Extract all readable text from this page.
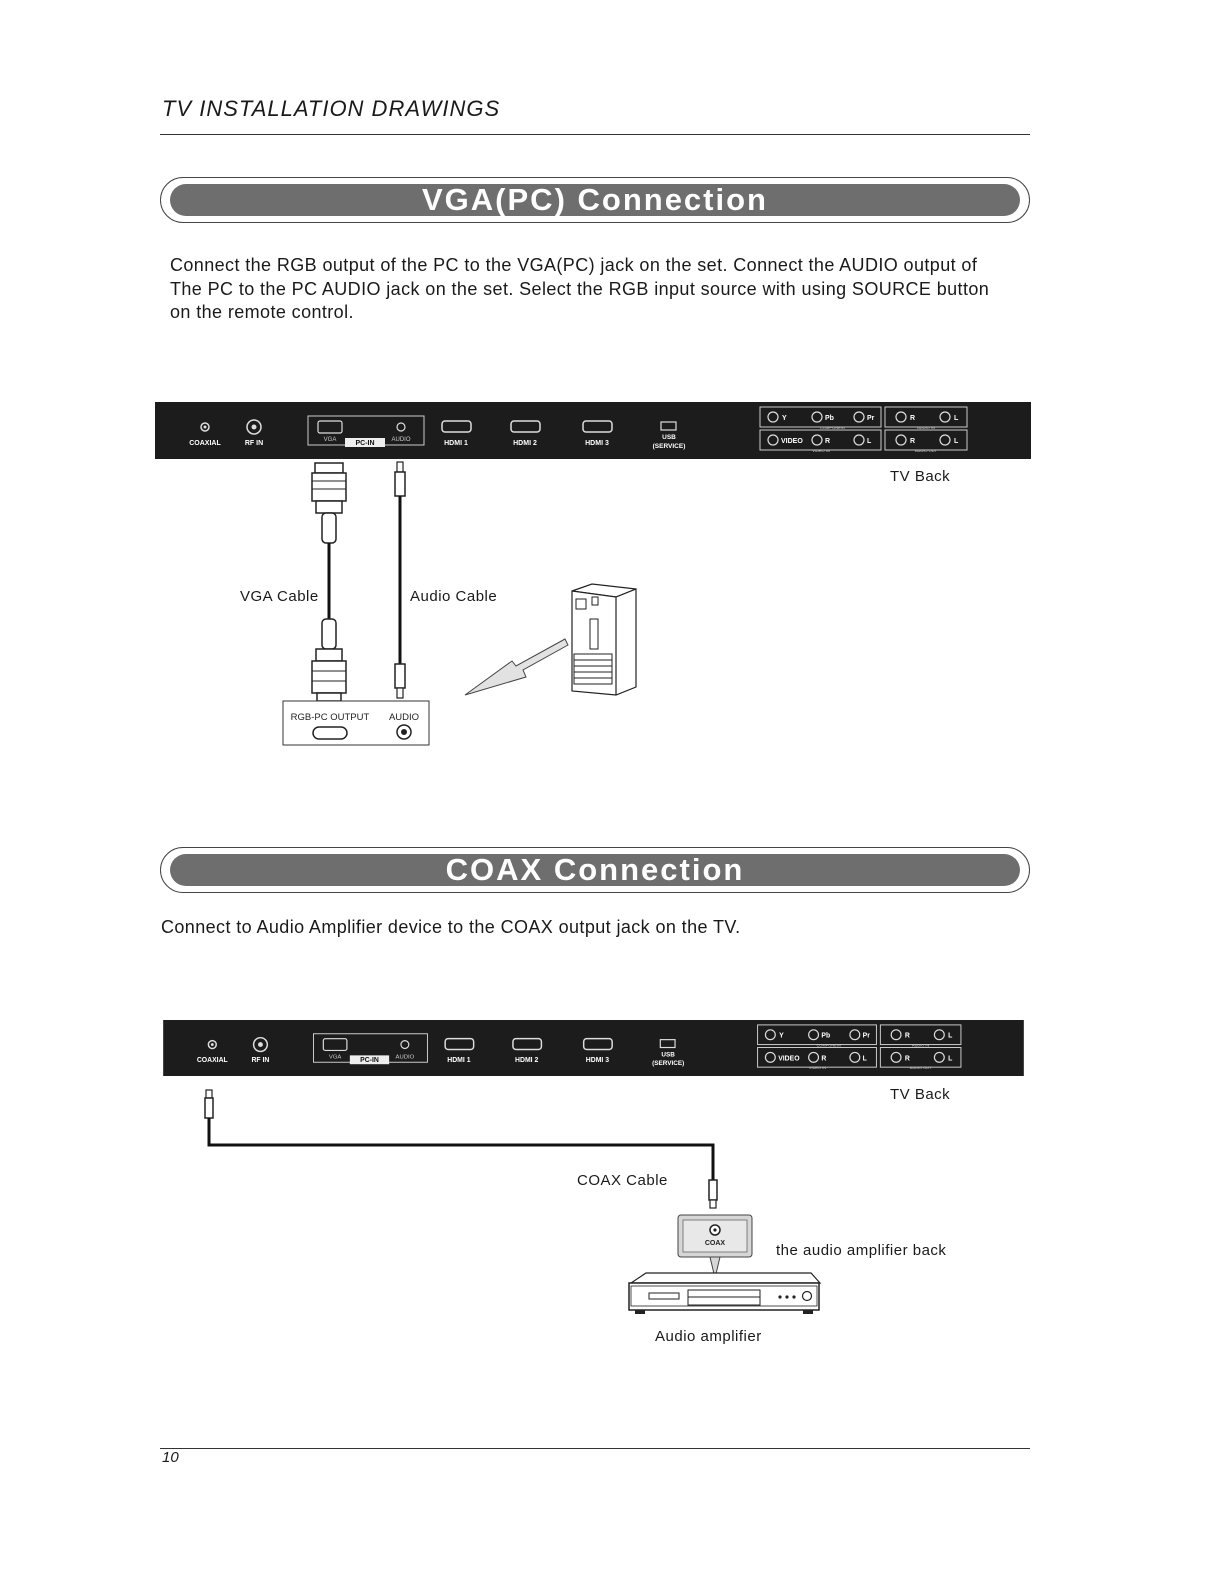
TV INSTALLATION DRAWINGS
VGA(PC) Connection
Connect the RGB output of the PC to the VGA(PC) jack on the set. Connect the AUDIO output of
The PC to the PC AUDIO jack on the set. Select the RGB input source with using SOURCE button
on the remote control.
COAXIAL	RF IN	VGA	AUDIO
PC-IN	HDMI 1	HDMI 2	HDMI 3
USB
(SERVICE)
Y	Pb	Pr
COMPONENT
VIDEO	R	L
VIDEO IN
R	L
AUDIO IN
R	L
AUDIO OUT
TV Back
RGB-PC OUTPUT AUDIO
VGA Cable	Audio Cable
COAX Connection
Connect to Audio Amplifier device to the COAX output jack on the TV.
COAXIAL	RF IN	VGA	AUDIO
PC-IN	HDMI 1	HDMI 2	HDMI 3
USB
(SERVICE)
Y	Pb	Pr
COMPONENT
VIDEO	R	L
VIDEO IN
R	L
AUDIO IN
R	L
AUDIO OUT
TV Back
COAX
COAX Cable
the audio amplifier back
Audio amplifier
10
